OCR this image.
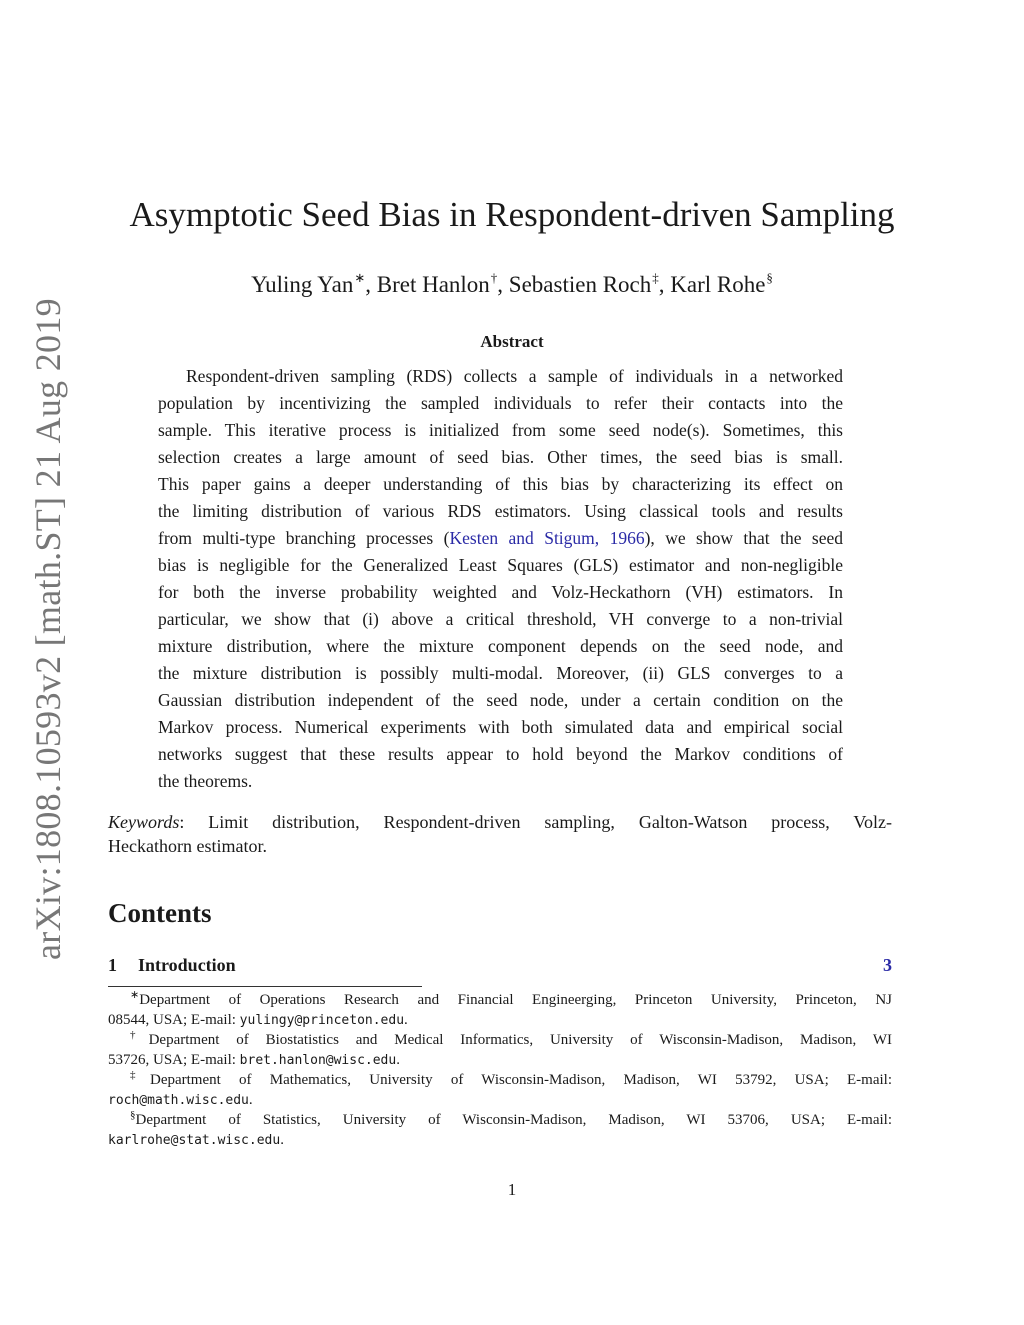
arXiv:1808.10593v2 [math.ST] 21 Aug 2019
Asymptotic Seed Bias in Respondent-driven Sampling
Yuling Yan∗, Bret Hanlon†, Sebastien Roch‡, Karl Rohe§
Abstract
Respondent-driven sampling (RDS) collects a sample of individuals in a networked
population by incentivizing the sampled individuals to refer their contacts into the
sample. This iterative process is initialized from some seed node(s). Sometimes, this
selection creates a large amount of seed bias. Other times, the seed bias is small.
This paper gains a deeper understanding of this bias by characterizing its effect on
the limiting distribution of various RDS estimators. Using classical tools and results
from multi-type branching processes (Kesten and Stigum, 1966), we show that the seed
bias is negligible for the Generalized Least Squares (GLS) estimator and non-negligible
for both the inverse probability weighted and Volz-Heckathorn (VH) estimators. In
particular, we show that (i) above a critical threshold, VH converge to a non-trivial
mixture distribution, where the mixture component depends on the seed node, and
the mixture distribution is possibly multi-modal. Moreover, (ii) GLS converges to a
Gaussian distribution independent of the seed node, under a certain condition on the
Markov process. Numerical experiments with both simulated data and empirical social
networks suggest that these results appear to hold beyond the Markov conditions of
the theorems.
Keywords: Limit distribution, Respondent-driven sampling, Galton-Watson process, Volz-
Heckathorn estimator.
Contents
1 Introduction	3
∗Department of Operations Research and Financial Engineerging, Princeton University, Princeton, NJ
08544, USA; E-mail: yulingy@princeton.edu.
†Department of Biostatistics and Medical Informatics, University of Wisconsin-Madison, Madison, WI
53726, USA; E-mail: bret.hanlon@wisc.edu.
‡Department of Mathematics, University of Wisconsin-Madison, Madison, WI 53792, USA; E-mail:
roch@math.wisc.edu.
§Department of Statistics, University of Wisconsin-Madison, Madison, WI 53706, USA; E-mail:
karlrohe@stat.wisc.edu.
1
